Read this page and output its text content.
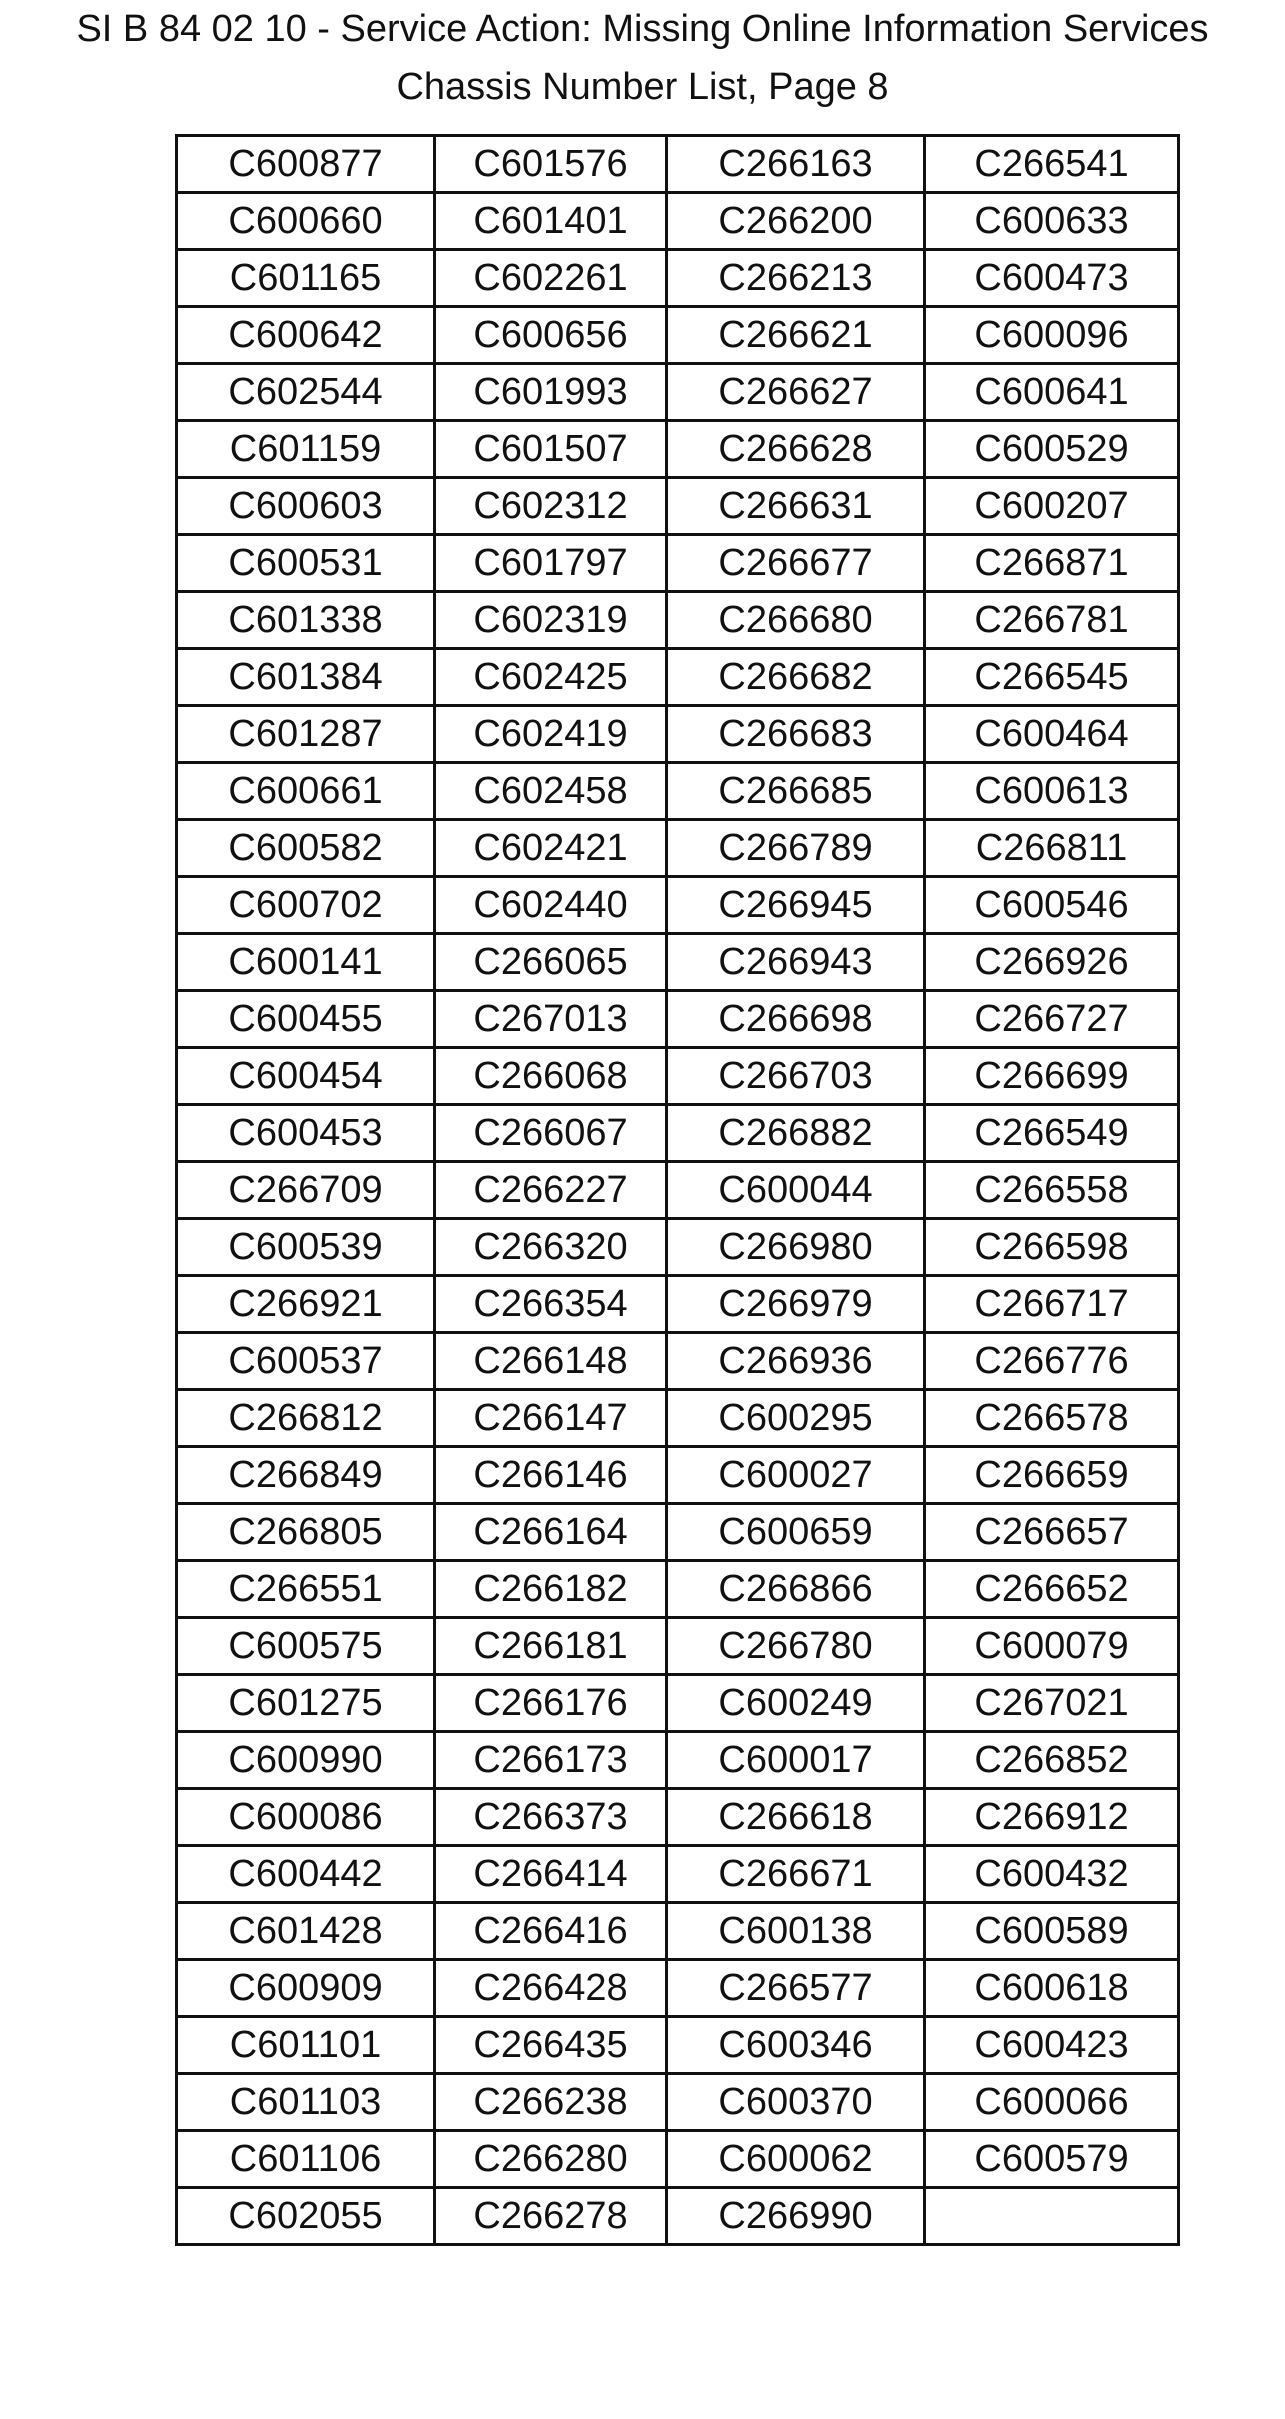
SI B 84 02 10 - Service Action: Missing Online Information Services
Chassis Number List, Page 8
C600877	C601576	C266163	C266541
C600660	C601401	C266200	C600633
C601165	C602261	C266213	C600473
C600642	C600656	C266621	C600096
C602544	C601993	C266627	C600641
C601159	C601507	C266628	C600529
C600603	C602312	C266631	C600207
C600531	C601797	C266677	C266871
C601338	C602319	C266680	C266781
C601384	C602425	C266682	C266545
C601287	C602419	C266683	C600464
C600661	C602458	C266685	C600613
C600582	C602421	C266789	C266811
C600702	C602440	C266945	C600546
C600141	C266065	C266943	C266926
C600455	C267013	C266698	C266727
C600454	C266068	C266703	C266699
C600453	C266067	C266882	C266549
C266709	C266227	C600044	C266558
C600539	C266320	C266980	C266598
C266921	C266354	C266979	C266717
C600537	C266148	C266936	C266776
C266812	C266147	C600295	C266578
C266849	C266146	C600027	C266659
C266805	C266164	C600659	C266657
C266551	C266182	C266866	C266652
C600575	C266181	C266780	C600079
C601275	C266176	C600249	C267021
C600990	C266173	C600017	C266852
C600086	C266373	C266618	C266912
C600442	C266414	C266671	C600432
C601428	C266416	C600138	C600589
C600909	C266428	C266577	C600618
C601101	C266435	C600346	C600423
C601103	C266238	C600370	C600066
C601106	C266280	C600062	C600579
C602055	C266278	C266990	
